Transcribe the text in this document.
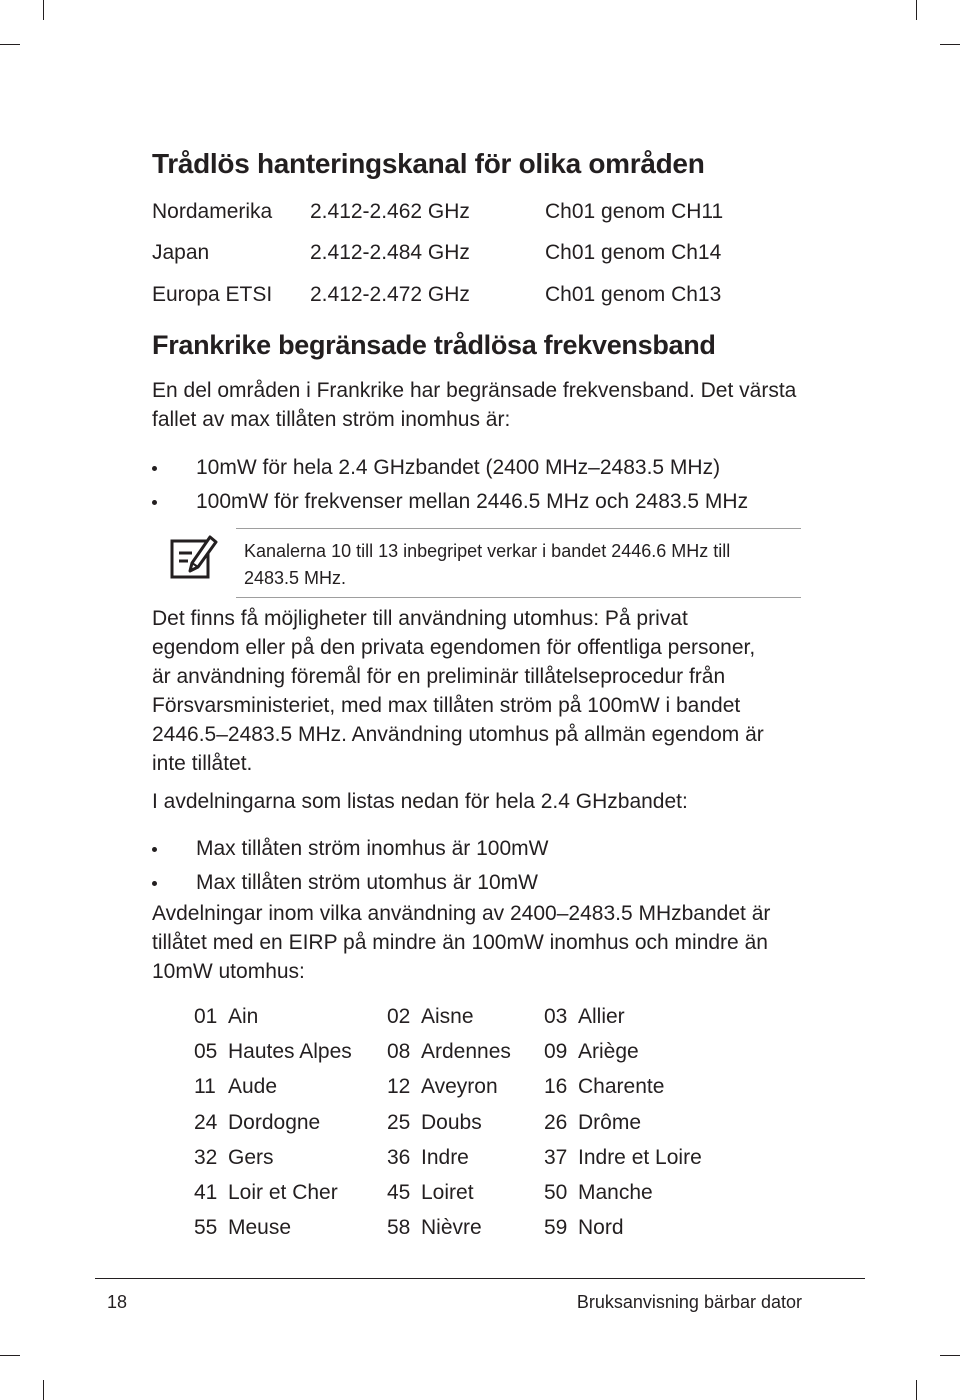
Trådlös hanteringskanal för olika områden
Nordamerika 2.412-2.462 GHz	Ch01 genom CH11
Japan	2.412-2.484 GHz	Ch01 genom Ch14
Europa ETSI 2.412-2.472 GHz	Ch01 genom Ch13
Frankrike begränsade trådlösa frekvensband
En del områden i Frankrike har begränsade frekvensband. Det värsta
fallet av max tillåten ström inomhus är:
10mW för hela 2.4 GHzbandet (2400 MHz–2483.5 MHz)
100mW för frekvenser mellan 2446.5 MHz och 2483.5 MHz
Kanalerna 10 till 13 inbegripet verkar i bandet 2446.6 MHz till
2483.5 MHz.
Det finns få möjligheter till användning utomhus: På privat
egendom eller på den privata egendomen för offentliga personer,
är användning föremål för en preliminär tillåtelseprocedur från
Försvarsministeriet, med max tillåten ström på 100mW i bandet
2446.5–2483.5 MHz. Användning utomhus på allmän egendom är
inte tillåtet.
I avdelningarna som listas nedan för hela 2.4 GHzbandet:
Max tillåten ström inomhus är 100mW
Max tillåten ström utomhus är 10mW
Avdelningar inom vilka användning av 2400–2483.5 MHzbandet är
tillåtet med en EIRP på mindre än 100mW inomhus och mindre än
10mW utomhus:
01 Ain	02 Aisne	03 Allier
05 Hautes Alpes 08 Ardennes 09 Ariège
11 Aude	12 Aveyron 16 Charente
24 Dordogne	25 Doubs	26 Drôme
32 Gers	36 Indre	37 Indre et Loire
41 Loir et Cher 45 Loiret	50 Manche
55 Meuse	58 Nièvre	59 Nord
18	Bruksanvisning bärbar dator
